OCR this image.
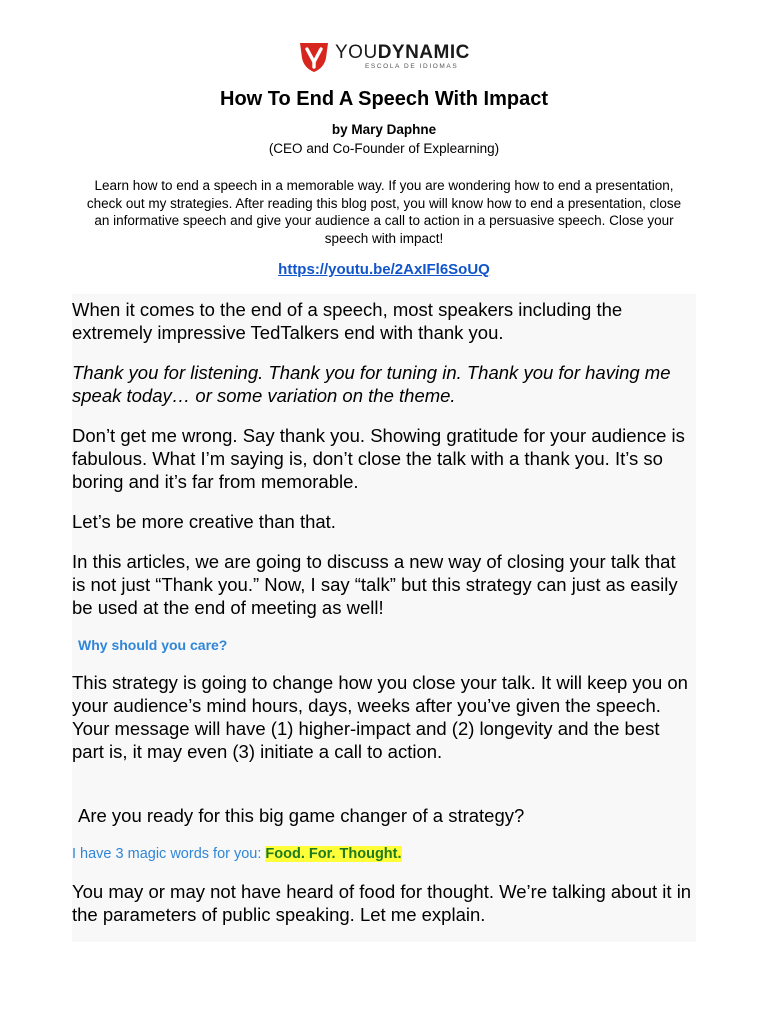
YOUDYNAMIC
ESCOLA DE IDIOMAS
How To End A Speech With Impact
by Mary Daphne
(CEO and Co-Founder of Explearning)
Learn how to end a speech in a memorable way. If you are wondering how to end a presentation, check out my strategies. After reading this blog post, you will know how to end a presentation, close an informative speech and give your audience a call to action in a persuasive speech. Close your speech with impact!
https://youtu.be/2AxIFl6SoUQ

When it comes to the end of a speech, most speakers including the extremely impressive TedTalkers end with thank you.

Thank you for listening. Thank you for tuning in. Thank you for having me speak today… or some variation on the theme.

Don’t get me wrong. Say thank you. Showing gratitude for your audience is fabulous. What I’m saying is, don’t close the talk with a thank you. It’s so boring and it’s far from memorable.

Let’s be more creative than that.

In this articles, we are going to discuss a new way of closing your talk that is not just “Thank you.” Now, I say “talk” but this strategy can just as easily be used at the end of meeting as well!

Why should you care?

This strategy is going to change how you close your talk. It will keep you on your audience’s mind hours, days, weeks after you’ve given the speech. Your message will have (1) higher-impact and (2) longevity and the best part is, it may even (3) initiate a call to action.

Are you ready for this big game changer of a strategy?

I have 3 magic words for you: Food. For. Thought.

You may or may not have heard of food for thought. We’re talking about it in the parameters of public speaking. Let me explain.
